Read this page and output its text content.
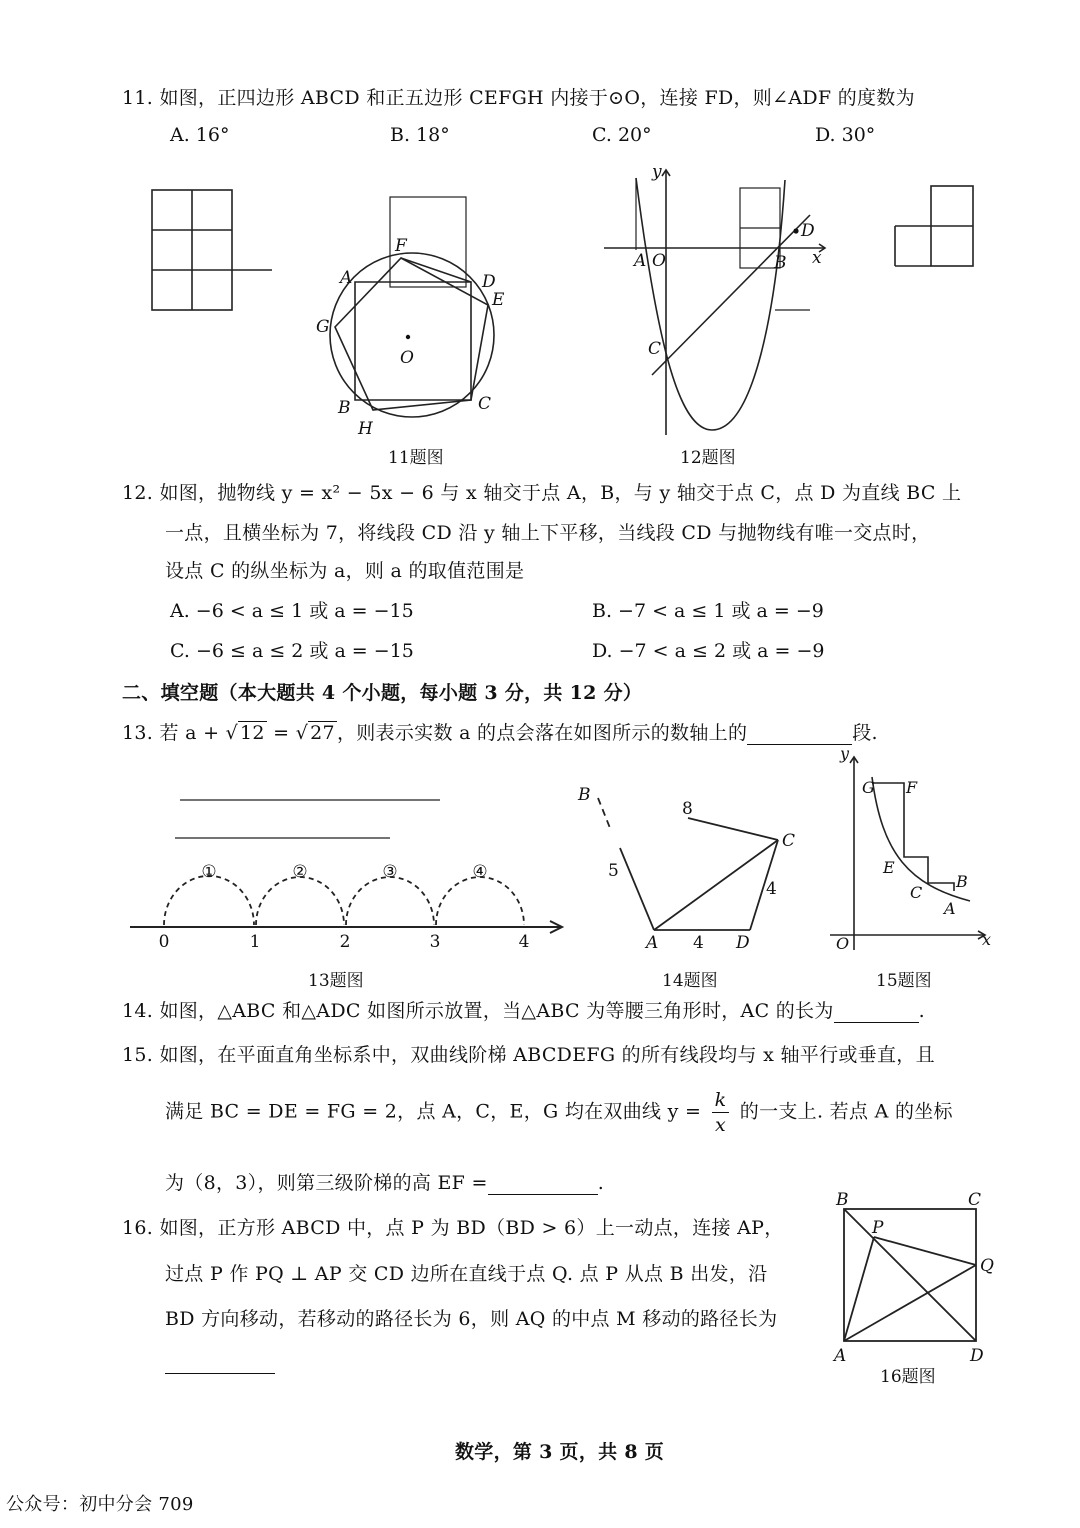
11. 如图，正四边形 ABCD 和正五边形 CEFGH 内接于⊙O，连接 FD，则∠ADF 的度数为
A. 16°	B. 18°	C. 20°	D. 30°
F
A	D
E
G
O
B	C
H
11题图
y
x
A O	B
C
D
12题图
12. 如图，抛物线 y = x² − 5x − 6 与 x 轴交于点 A，B，与 y 轴交于点 C，点 D 为直线 BC 上
一点，且横坐标为 7，将线段 CD 沿 y 轴上下平移，当线段 CD 与抛物线有唯一交点时，
设点 C 的纵坐标为 a，则 a 的取值范围是
A. −6 < a ≤ 1 或 a = −15	B. −7 < a ≤ 1 或 a = −9
C. −6 ≤ a ≤ 2 或 a = −15	D. −7 < a ≤ 2 或 a = −9
二、填空题（本大题共 4 个小题，每小题 3 分，共 12 分）
13. 若 a + √ 12 = √ 27 ，则表示实数 a 的点会落在如图所示的数轴上的	段.
①	②	③	④
0	1	2	3	4
13题图
B
5
8
C
4
A 4 D
14题图
y
x
O
G F
E
C
B
A
15题图
14. 如图，△ABC 和△ADC 如图所示放置，当△ABC 为等腰三角形时，AC 的长为	.
15. 如图，在平面直角坐标系中，双曲线阶梯 ABCDEFG 的所有线段均与 x 轴平行或垂直，且
满足 BC = DE = FG = 2，点 A，C，E，G 均在双曲线 $y = \frac{k}{x}$ 的一支上. 若点 A 的坐标
为（8，3），则第三级阶梯的高 EF =	.
16. 如图，正方形 ABCD 中，点 P 为 BD（BD > 6）上一动点，连接 AP，
过点 P 作 PQ ⊥ AP 交 CD 边所在直线于点 Q. 点 P 从点 B 出发，沿
BD 方向移动，若移动的路径长为 6，则 AQ 的中点 M 移动的路径长为
B	C
P
Q
A	D
16题图
数学，第 3 页，共 8 页
公众号：初中分会 709
